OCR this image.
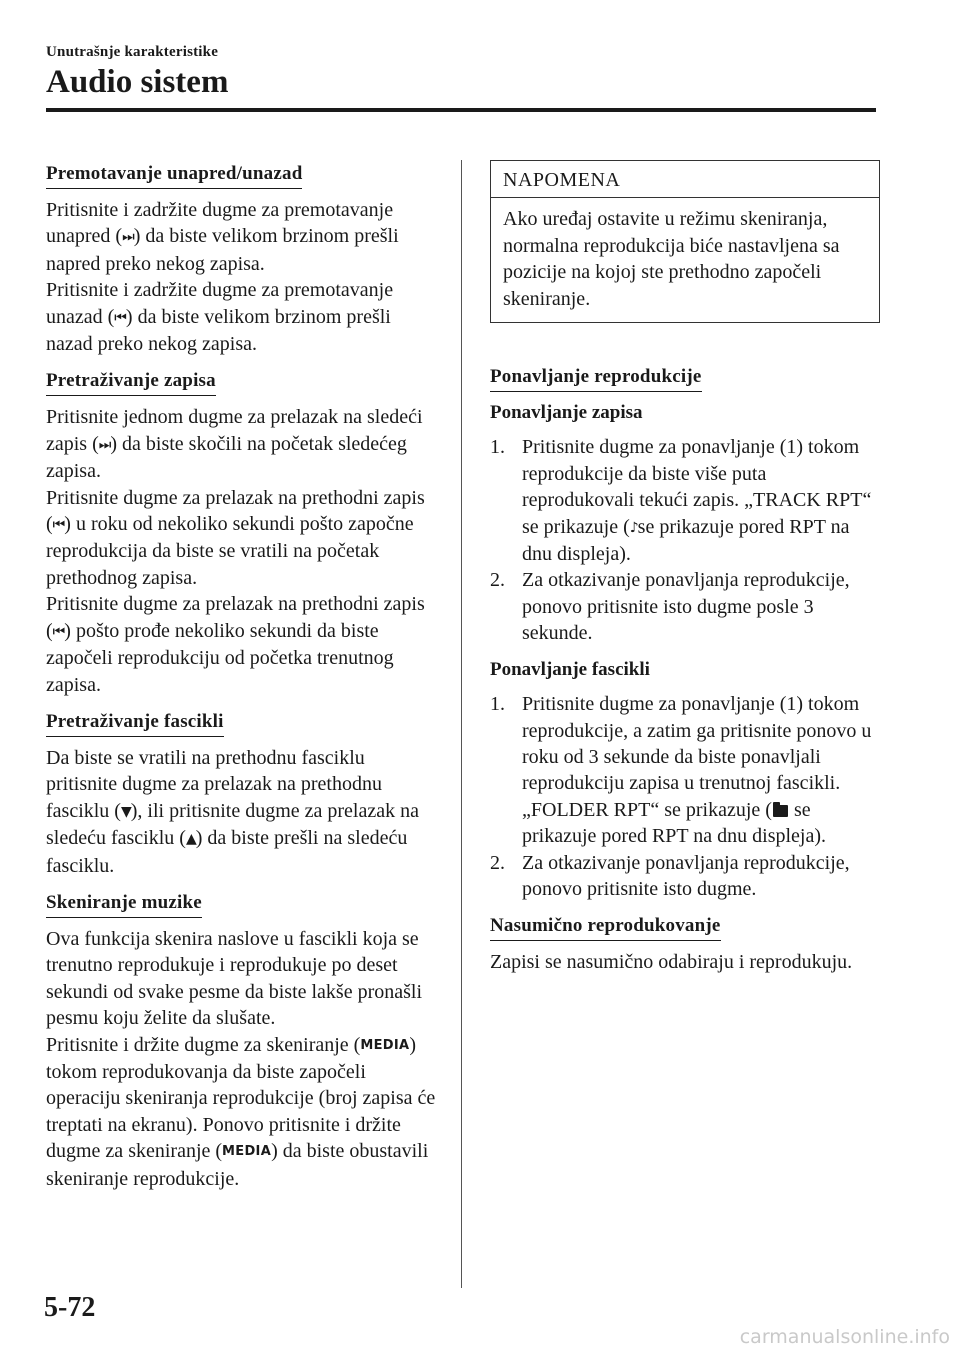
Unutrašnje karakteristike
Audio sistem
Premotavanje unapred/unazad

Pritisnite i zadržite dugme za premotavanje unapred (⏭) da biste velikom brzinom prešli napred preko nekog zapisa.

Pritisnite i zadržite dugme za premotavanje unazad (⏮) da biste velikom brzinom prešli nazad preko nekog zapisa.

Pretraživanje zapisa

Pritisnite jednom dugme za prelazak na sledeći zapis (⏭) da biste skočili na početak sledećeg zapisa.

Pritisnite dugme za prelazak na prethodni zapis (⏮) u roku od nekoliko sekundi pošto započne reprodukcija da biste se vratili na početak prethodnog zapisa.

Pritisnite dugme za prelazak na prethodni zapis (⏮) pošto prođe nekoliko sekundi da biste započeli reprodukciju od početka trenutnog zapisa.

Pretraživanje fascikli

Da biste se vratili na prethodnu fasciklu pritisnite dugme za prelazak na prethodnu fasciklu (▼), ili pritisnite dugme za prelazak na sledeću fasciklu (▲) da biste prešli na sledeću fasciklu.

Skeniranje muzike

Ova funkcija skenira naslove u fascikli koja se trenutno reprodukuje i reprodukuje po deset sekundi od svake pesme da biste lakše pronašli pesmu koju želite da slušate.

Pritisnite i držite dugme za skeniranje (MEDIA) tokom reprodukovanja da biste započeli operaciju skeniranja reprodukcije (broj zapisa će treptati na ekranu). Ponovo pritisnite i držite dugme za skeniranje (MEDIA) da biste obustavili skeniranje reprodukcije.

NAPOMENA
Ako uređaj ostavite u režimu skeniranja, normalna reprodukcija biće nastavljena sa pozicije na kojoj ste prethodno započeli skeniranje.
Ponavljanje reprodukcije
Ponavljanje zapisa
1. Pritisnite dugme za ponavljanje (1) tokom reprodukcije da biste više puta reprodukovali tekući zapis. „TRACK RPT“ se prikazuje (♪se prikazuje pored RPT na dnu displeja).
2. Za otkazivanje ponavljanja reprodukcije, ponovo pritisnite isto dugme posle 3 sekunde.
Ponavljanje fascikli
1. Pritisnite dugme za ponavljanje (1) tokom reprodukcije, a zatim ga pritisnite ponovo u roku od 3 sekunde da biste ponavljali reprodukciju zapisa u trenutnoj fascikli. „FOLDER RPT“ se prikazuje ( se prikazuje pored RPT na dnu displeja).
2. Za otkazivanje ponavljanja reprodukcije, ponovo pritisnite isto dugme.
Nasumično reprodukovanje

Zapisi se nasumično odabiraju i reprodukuju.

5-72
carmanualsonline.info
